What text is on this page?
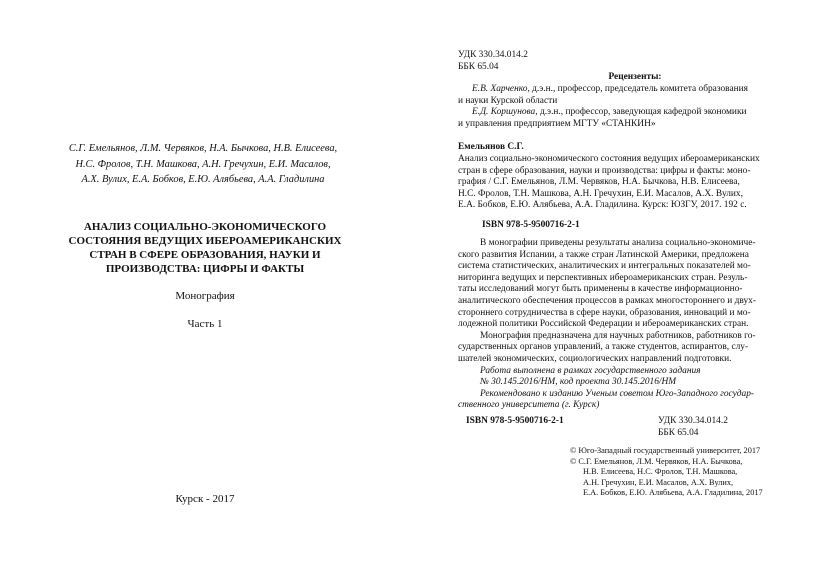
С.Г. Емельянов, Л.М. Червяков, Н.А. Бычкова, Н.В. Елисеева,
Н.С. Фролов, Т.Н. Машкова, А.Н. Гречухин, Е.И. Масалов,
А.Х. Вулих, Е.А. Бобков, Е.Ю. Алябьева, А.А. Гладилина
АНАЛИЗ СОЦИАЛЬНО-ЭКОНОМИЧЕСКОГО
СОСТОЯНИЯ ВЕДУЩИХ ИБЕРОАМЕРИКАНСКИХ
СТРАН В СФЕРЕ ОБРАЗОВАНИЯ, НАУКИ И
ПРОИЗВОДСТВА: ЦИФРЫ И ФАКТЫ
Монография
Часть 1
Курск - 2017
УДК 330.34.014.2
ББК 65.04
Рецензенты:
Е.В. Харченко, д.э.н., профессор, председатель комитета образования
и науки Курской области
Е.Д. Коршунова, д.э.н., профессор, заведующая кафедрой экономики
и управления предприятием МГТУ «СТАНКИН»
Емельянов С.Г.
Анализ социально-экономического состояния ведущих ибероамериканских
стран в сфере образования, науки и производства: цифры и факты: моно-
графия / С.Г. Емельянов, Л.М. Червяков, Н.А. Бычкова, Н.В. Елисеева,
Н.С. Фролов, Т.Н. Машкова, А.Н. Гречухин, Е.И. Масалов, А.Х. Вулих,
Е.А. Бобков, Е.Ю. Алябьева, А.А. Гладилина. Курск: ЮЗГУ, 2017. 192 с.
ISBN 978-5-9500716-2-1
В монографии приведены результаты анализа социально-экономиче-
ского развития Испании, а также стран Латинской Америки, предложена
система статистических, аналитических и интегральных показателей мо-
ниторинга ведущих и перспективных ибероамериканских стран. Резуль-
таты исследований могут быть применены в качестве информационно-
аналитического обеспечения процессов в рамках многостороннего и двух-
стороннего сотрудничества в сфере науки, образования, инноваций и мо-
лодежной политики Российской Федерации и ибероамериканских стран.
Монография предназначена для научных работников, работников го-
сударственных органов управлений, а также студентов, аспирантов, слу-
шателей экономических, социологических направлений подготовки.
Работа выполнена в рамках государственного задания
№ 30.145.2016/НМ, код проекта 30.145.2016/НМ
Рекомендовано к изданию Ученым советом Юго-Западного государ-
ственного университета (г. Курск)
ISBN 978-5-9500716-2-1	УДК 330.34.014.2
ББК 65.04
© Юго-Западный государственный университет, 2017
© С.Г. Емельянов, Л.М. Червяков, Н.А. Бычкова,
Н.В. Елисеева, Н.С. Фролов, Т.Н. Машкова,
А.Н. Гречухин, Е.И. Масалов, А.Х. Вулих,
Е.А. Бобков, Е.Ю. Алябьева, А.А. Гладилина, 2017
